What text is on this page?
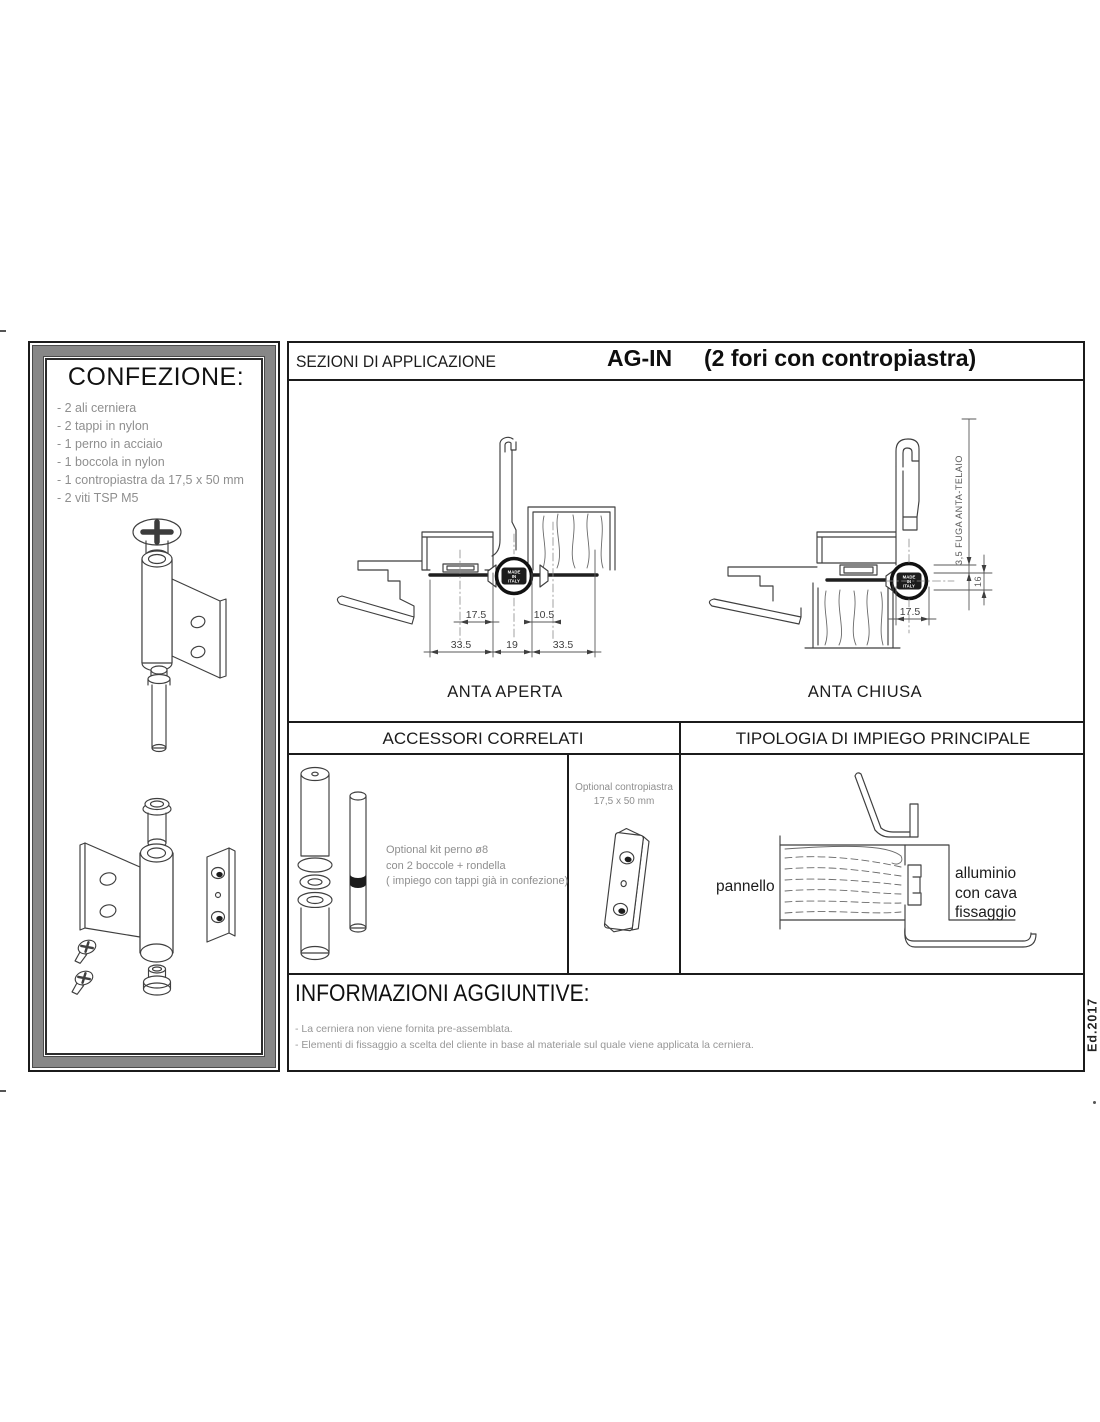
CONFEZIONE:
- 2 ali cerniera
- 2 tappi in nylon
- 1 perno in acciaio
- 1 boccola in nylon
- 1 contropiastra da 17,5 x 50 mm
- 2 viti TSP M5
SEZIONI DI APPLICAZIONE	AG-IN (2 fori con contropiastra)
MADE
IN
ITALY
17.5	10.5
33.5	19	33.5
ANTA APERTA
MADE
IN
ITALY
3,5 FUGA ANTA-TELAIO
16
17.5
ANTA CHIUSA
ACCESSORI CORRELATI	TIPOLOGIA DI IMPIEGO PRINCIPALE
Optional kit perno ø8
con 2 boccole + rondella
( impiego con tappi già in confezione)
Optional contropiastra
17,5 x 50 mm
pannello
alluminio
con cava
fissaggio
INFORMAZIONI AGGIUNTIVE:
- La cerniera non viene fornita pre-assemblata.
- Elementi di fissaggio a scelta del cliente in base al materiale sul quale viene applicata la cerniera.	Ed.2017
